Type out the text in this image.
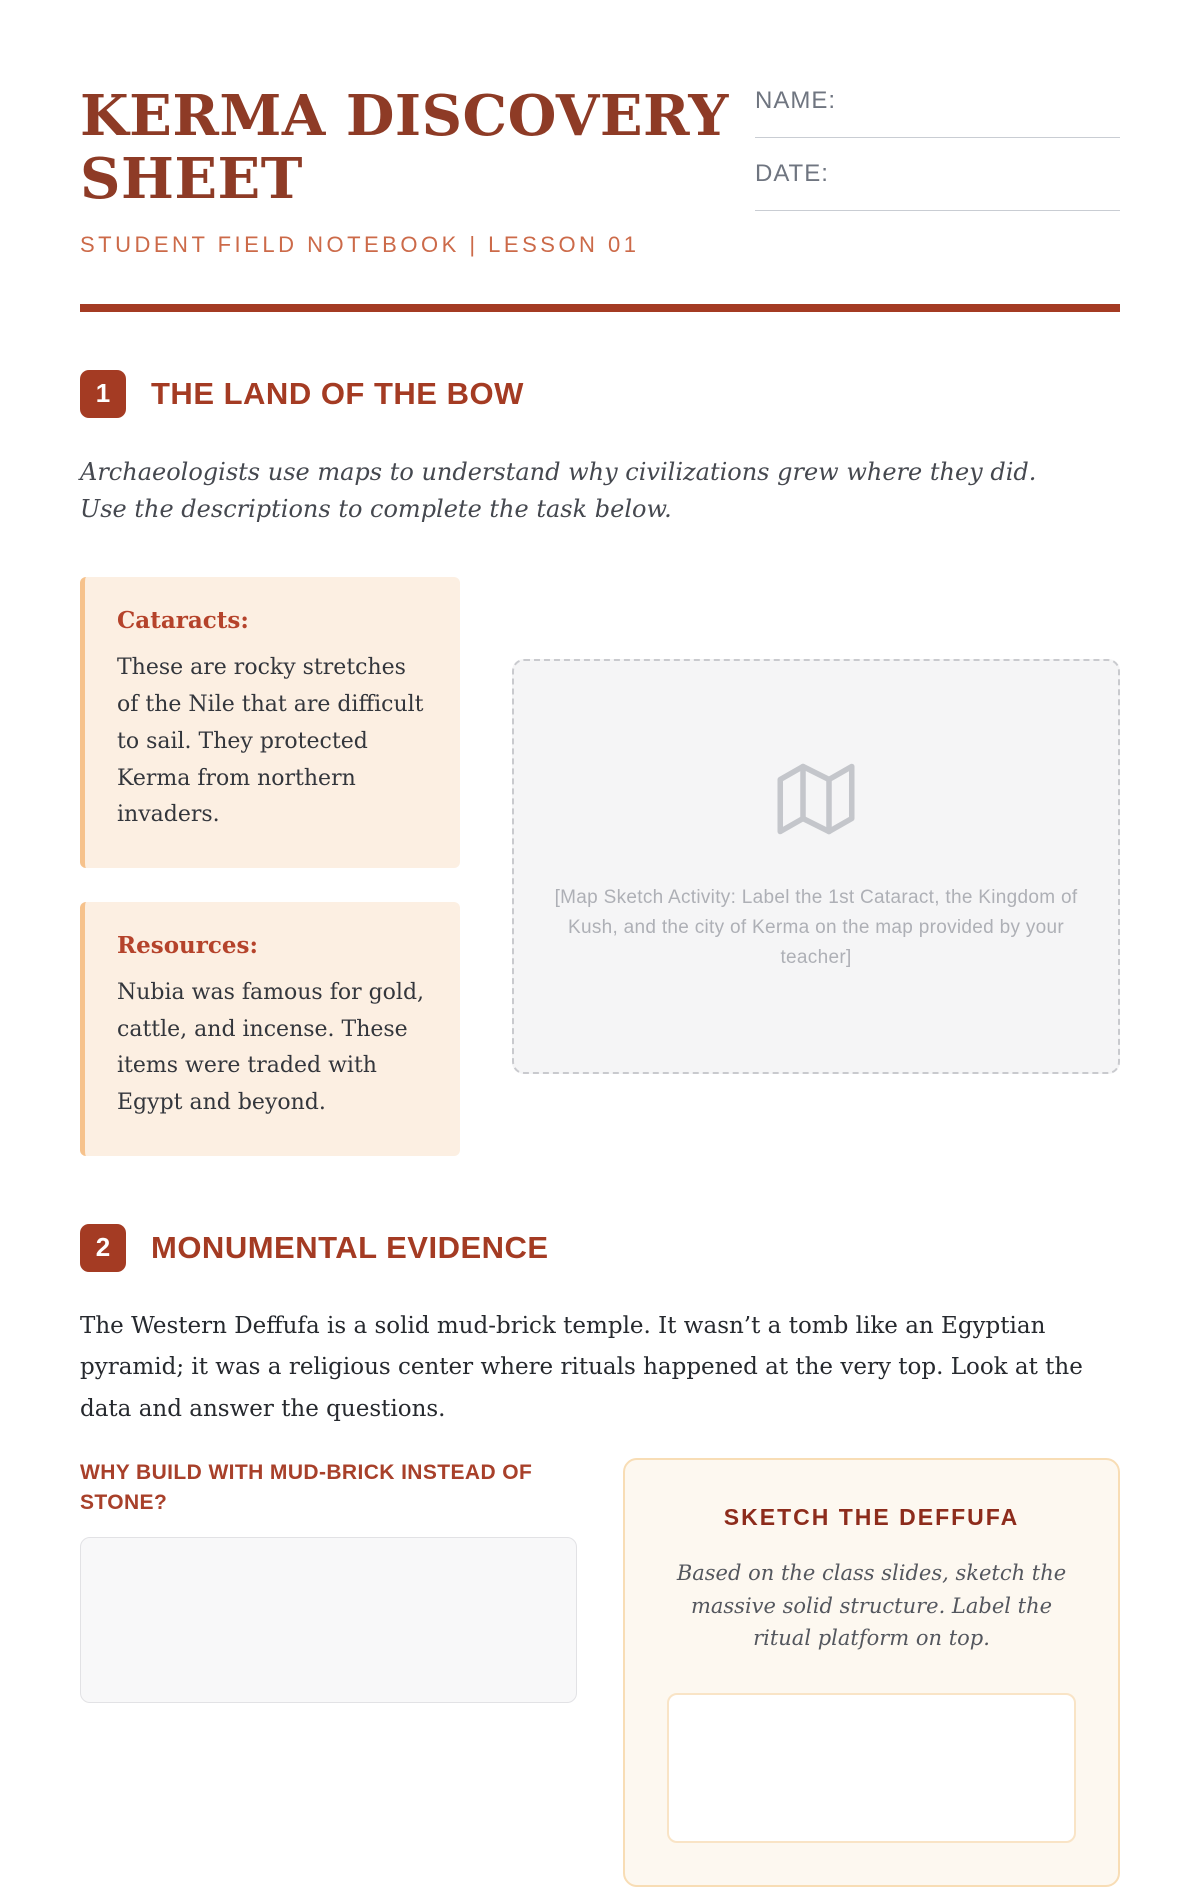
KERMA DISCOVERY SHEET
STUDENT FIELD NOTEBOOK | LESSON 01
NAME:
DATE:
1	THE LAND OF THE BOW

Archaeologists use maps to understand why civilizations grew where they did. Use the descriptions to complete the task below.

Cataracts:
These are rocky stretches of the Nile that are difficult to sail. They protected Kerma from northern invaders.
Resources:
Nubia was famous for gold, cattle, and incense. These items were traded with Egypt and beyond.
[Map Sketch Activity: Label the 1st Cataract, the Kingdom of Kush, and the city of Kerma on the map provided by your teacher]
2	MONUMENTAL EVIDENCE

The Western Deffufa is a solid mud-brick temple. It wasn’t a tomb like an Egyptian pyramid; it was a religious center where rituals happened at the very top. Look at the data and answer the questions.

WHY BUILD WITH MUD-BRICK INSTEAD OF STONE?
SKETCH THE DEFFUFA
Based on the class slides, sketch the massive solid structure. Label the ritual platform on top.
